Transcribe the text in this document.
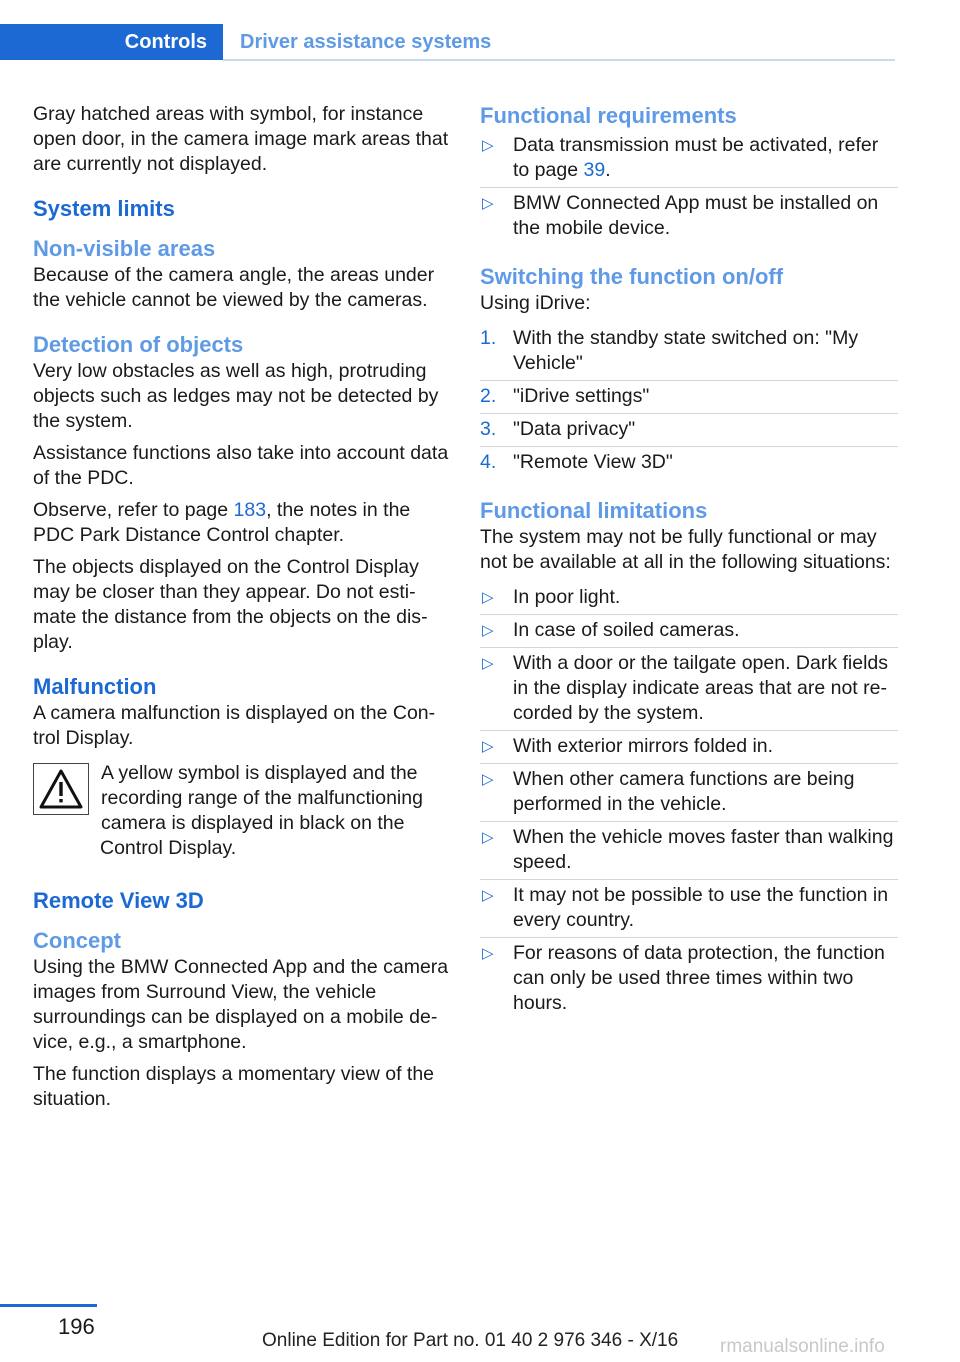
Controls	Driver assistance systems

Gray hatched areas with symbol, for instance open door, in the camera image mark areas that are currently not displayed.

System limits
Non-visible areas

Because of the camera angle, the areas under the vehicle cannot be viewed by the cameras.

Detection of objects

Very low obstacles as well as high, protruding objects such as ledges may not be detected by the system.

Assistance functions also take into account data of the PDC.

Observe, refer to page 183, the notes in the PDC Park Distance Control chapter.

The objects displayed on the Control Display may be closer than they appear. Do not estimate the distance from the objects on the display.

Malfunction

A camera malfunction is displayed on the Control Display.

A yellow symbol is displayed and the recording range of the malfunctioning camera is displayed in black on the Control Display.

Remote View 3D
Concept

Using the BMW Connected App and the camera images from Surround View, the vehicle surroundings can be displayed on a mobile device, e.g., a smartphone.

The function displays a momentary view of the situation.

Functional requirements
▷ Data transmission must be activated, refer to page 39.
▷ BMW Connected App must be installed on the mobile device.
Switching the function on/off

Using iDrive:

1. With the standby state switched on: "My Vehicle"
2. "iDrive settings"
3. "Data privacy"
4. "Remote View 3D"
Functional limitations

The system may not be fully functional or may not be available at all in the following situations:

▷ In poor light.
▷ In case of soiled cameras.
▷ With a door or the tailgate open. Dark fields in the display indicate areas that are not recorded by the system.
▷ With exterior mirrors folded in.
▷ When other camera functions are being performed in the vehicle.
▷ When the vehicle moves faster than walking speed.
▷ It may not be possible to use the function in every country.
▷ For reasons of data protection, the function can only be used three times within two hours.
196
Online Edition for Part no. 01 40 2 976 346 - X/16 rmanualsonline.info
